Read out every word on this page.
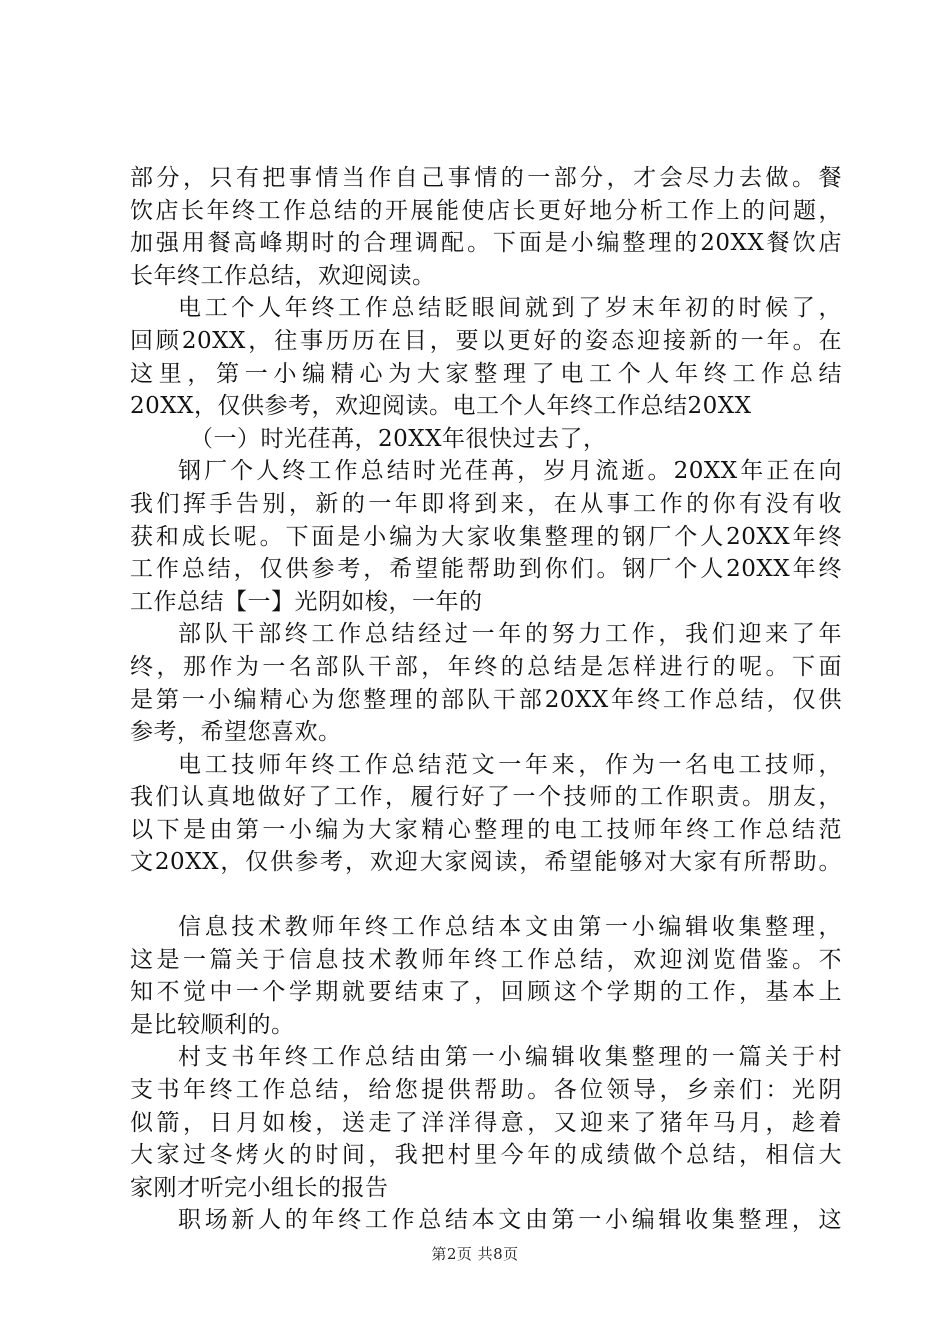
部分，只有把事情当作自己事情的一部分，才会尽力去做。餐
饮店长年终工作总结的开展能使店长更好地分析工作上的问题，
加强用餐高峰期时的合理调配。下面是小编整理的20XX餐饮店
长年终工作总结，欢迎阅读。
电工个人年终工作总结眨眼间就到了岁末年初的时候了，
回顾20XX，往事历历在目，要以更好的姿态迎接新的一年。在
这里，第一小编精心为大家整理了电工个人年终工作总结
20XX，仅供参考，欢迎阅读。电工个人年终工作总结20XX
（一）时光荏苒，20XX年很快过去了，
钢厂个人终工作总结时光荏苒，岁月流逝。20XX年正在向
我们挥手告别，新的一年即将到来，在从事工作的你有没有收
获和成长呢。下面是小编为大家收集整理的钢厂个人20XX年终
工作总结，仅供参考，希望能帮助到你们。钢厂个人20XX年终
工作总结【一】光阴如梭，一年的
部队干部终工作总结经过一年的努力工作，我们迎来了年
终，那作为一名部队干部，年终的总结是怎样进行的呢。下面
是第一小编精心为您整理的部队干部20XX年终工作总结，仅供
参考，希望您喜欢。
电工技师年终工作总结范文一年来，作为一名电工技师，
我们认真地做好了工作，履行好了一个技师的工作职责。朋友，
以下是由第一小编为大家精心整理的电工技师年终工作总结范
文20XX，仅供参考，欢迎大家阅读，希望能够对大家有所帮助。
信息技术教师年终工作总结本文由第一小编辑收集整理，
这是一篇关于信息技术教师年终工作总结，欢迎浏览借鉴。不
知不觉中一个学期就要结束了，回顾这个学期的工作，基本上
是比较顺利的。
村支书年终工作总结由第一小编辑收集整理的一篇关于村
支书年终工作总结，给您提供帮助。各位领导，乡亲们：光阴
似箭，日月如梭，送走了洋洋得意，又迎来了猪年马月，趁着
大家过冬烤火的时间，我把村里今年的成绩做个总结，相信大
家刚才听完小组长的报告
职场新人的年终工作总结本文由第一小编辑收集整理，这
第2页 共8页
